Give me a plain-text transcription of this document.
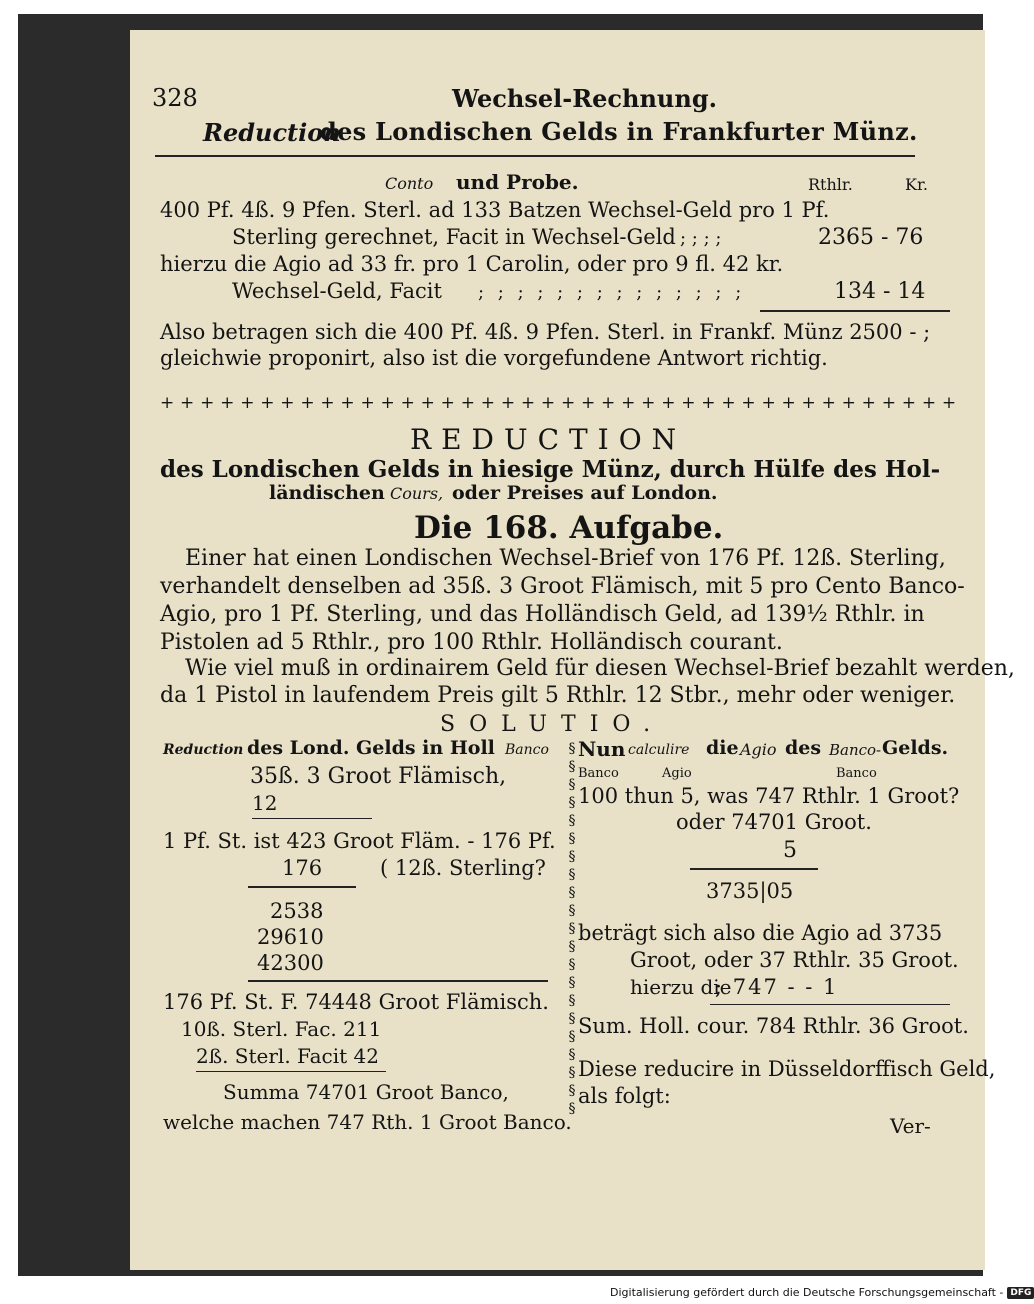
328	Wechsel-Rechnung.
Reduction
des Londischen Gelds in Frankfurter Münz.
Conto und Probe.	Rthlr.	Kr.
400 Pf. 4ß. 9 Pfen. Sterl. ad 133 Batzen Wechsel-Geld pro 1 Pf.
Sterling gerechnet, Facit in Wechsel-Geld ; ; ; ;	2365 - 76
hierzu die Agio ad 33 fr. pro 1 Carolin, oder pro 9 fl. 42 kr.
Wechsel-Geld, Facit ; ; ; ; ; ; ; ; ; ; ; ; ; ;	134 - 14
Also betragen sich die 400 Pf. 4ß. 9 Pfen. Sterl. in Frankf. Münz 2500 - ;
gleichwie proponirt, also ist die vorgefundene Antwort richtig.
+ + + + + + + + + + + + + + + + + + + + + + + + + + + + + + + + + + + + + + + +
REDUCTION
des Londischen Gelds in hiesige Münz, durch Hülfe des Hol-
ländischen Cours, oder Preises auf London.
Die 168. Aufgabe.
Einer hat einen Londischen Wechsel-Brief von 176 Pf. 12ß. Sterling,
verhandelt denselben ad 35ß. 3 Groot Flämisch, mit 5 pro Cento Banco-
Agio, pro 1 Pf. Sterling, und das Holländisch Geld, ad 139½ Rthlr. in
Pistolen ad 5 Rthlr., pro 100 Rthlr. Holländisch courant.
Wie viel muß in ordinairem Geld für diesen Wechsel-Brief bezahlt werden,
da 1 Pistol in laufendem Preis gilt 5 Rthlr. 12 Stbr., mehr oder weniger.
SOLUTIO.
Reduction des Lond. Gelds in Holl Banco
35ß. 3 Groot Flämisch,
12
1 Pf. St. ist 423 Groot Fläm. - 176 Pf.
176	( 12ß. Sterling?
2538
29610
42300
176 Pf. St. F. 74448 Groot Flämisch.
10ß. Sterl. Fac. 211
2ß. Sterl. Facit 42
Summa 74701 Groot Banco,
welche machen 747 Rth. 1 Groot Banco.
§
§
§
§
§
§
§
§
§
§
§
§
§
§
§
§
§
§
§
§
§
Nun calculire die Agio des Banco- Gelds.
Banco	Agio	Banco
100 thun 5, was 747 Rthlr. 1 Groot?
oder 74701 Groot.
5
3735|05
beträgt sich also die Agio ad 3735
Groot, oder 37 Rthlr. 35 Groot.
hierzu die
; 747 - - 1
Sum. Holl. cour. 784 Rthlr. 36 Groot.
Diese reducire in Düsseldorffisch Geld,
als folgt:
Ver-
Digitalisierung gefördert durch die Deutsche Forschungsgemeinschaft - DFG
